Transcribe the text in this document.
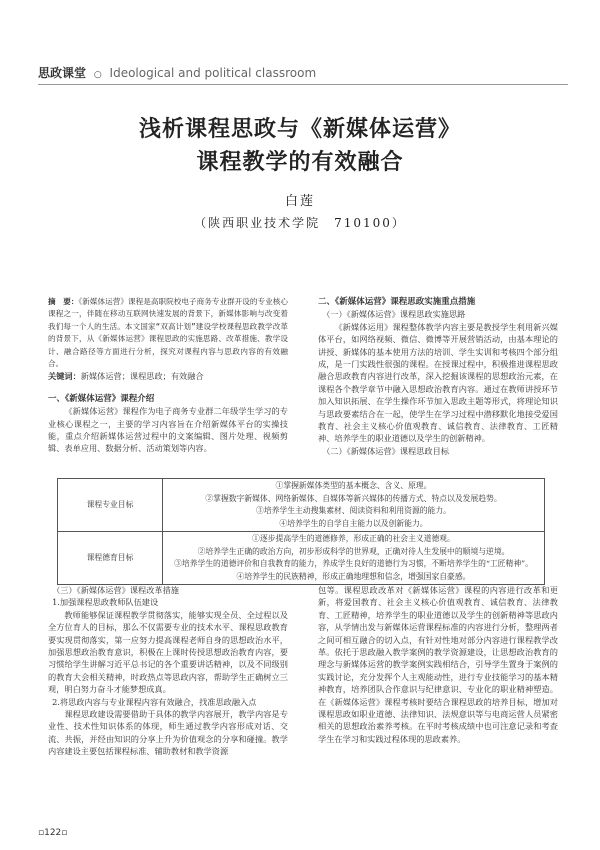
思政课堂 ○ Ideological and political classroom
浅析课程思政与《新媒体运营》
课程教学的有效融合
白莲
（陕西职业技术学院　710100）

摘　要：《新媒体运营》课程是高职院校电子商务专业群开设的专业核心课程之一，伴随在移动互联网快速发展的背景下，新媒体影响与改变着我们每一个人的生活。本文国家“双高计划”建设学校课程思政教学改革的背景下，从《新媒体运营》课程思政的实施思路、改革措施、教学设计、融合路径等方面进行分析，探究对课程内容与思政内容的有效融合。

关键词：新媒体运营；课程思政；有效融合

一、《新媒体运营》课程介绍

《新媒体运营》课程作为电子商务专业群二年级学生学习的专业核心课程之一，主要的学习内容旨在介绍新媒体平台的实操技能，重点介绍新媒体运营过程中的文案编辑、图片处理、视频剪辑、表单应用、数据分析、活动策划等内容。

二、《新媒体运营》课程思政实施重点措施

（一）《新媒体运营》课程思政实施思路

《新媒体运用》课程整体教学内容主要是教授学生利用新兴媒体平台，如网络视频、微信、微博等开展营销活动，由基本理论的讲授、新媒体的基本使用方法的培训、学生实训和考核四个部分组成，是一门实践性很强的课程。在授课过程中，积极推进课程思政融合思政教育内容进行改革，深入挖掘该课程的思想政治元素，在课程各个教学章节中融入思想政治教育内容。通过在教师讲授环节加入知识拓展、在学生操作环节加入思政主题等形式，将理论知识与思政要素结合在一起，使学生在学习过程中潜移默化地接受爱国教育、社会主义核心价值观教育、诚信教育、法律教育、工匠精神、培养学生的职业道德以及学生的创新精神。

（二）《新媒体运营》课程思政目标

课程专业目标	①掌握新媒体类型的基本概念、含义、原理。
②掌握数字新媒体、网络新媒体、自媒体等新兴媒体的传播方式、特点以及发展趋势。
③培养学生主动搜集素材、阅读资料和利用资源的能力。
④培养学生的自学自主能力以及创新能力。

课程德育目标	①逐步提高学生的道德修养，形成正确的社会主义道德观。
②培养学生正确的政治方向，初步形成科学的世界观，正确对待人生发展中的顺境与逆境。
③培养学生的道德评价和自我教育的能力，养成学生良好的道德行为习惯，不断培养学生的“工匠精神”。
④培养学生的民族精神，形成正确地理想和信念，增强国家自豪感。

（三）《新媒体运营》课程改革措施

1.加强课程思政教师队伍建设

教师能够保证课程教学贯彻落实，能够实现全员、全过程以及全方位育人的目标，那么不仅需要专业的技术水平、课程思政教育要实现贯彻落实，第一应努力提高课程老师自身的思想政治水平，加强思想政治教育意识，积极在上课时传授思想政治教育内容，要习惯给学生讲解习近平总书记的各个重要讲话精神，以及不同级别的教育大会相关精神，时政热点等思政内容，帮助学生正确树立三观，明白努力奋斗才能梦想成真。

2.将思政内容与专业课程内容有效融合，找准思政融入点

课程思政建设需要借助于具体的教学内容展开，教学内容是专业性、技术性知识体系的体现，师生通过教学内容形成对话、交流、共振，并经由知识的分享上升为价值观念的分享和碰撞。教学内容建设主要包括课程标准、辅助教材和教学资源

包等。课程思政改革对《新媒体运营》课程的内容进行改革和更新，将爱国教育、社会主义核心价值观教育、诚信教育、法律教育、工匠精神，培养学生的职业道德以及学生的创新精神等思政内容，从学情出发与新媒体运营课程标准的内容进行分析，整理两者之间可相互融合的切入点，有针对性地对部分内容进行课程教学改革。依托于思政融入教学案例的教学资源建设，让思想政治教育的理念与新媒体运营的教学案例实践相结合，引导学生置身于案例的实践讨论，充分发挥个人主观能动性，进行专业技能学习的基本精神教育，培养团队合作意识与纪律意识、专业化的职业精神塑造。在《新媒体运营》课程考核时要结合课程思政的培养目标，增加对课程思政如职业道德、法律知识、法规意识等与电商运营人员紧密相关的思想政治素养考核。在平时考核成绩中也可注意记录和考查学生在学习和实践过程体现的思政素养。

▫122▫
